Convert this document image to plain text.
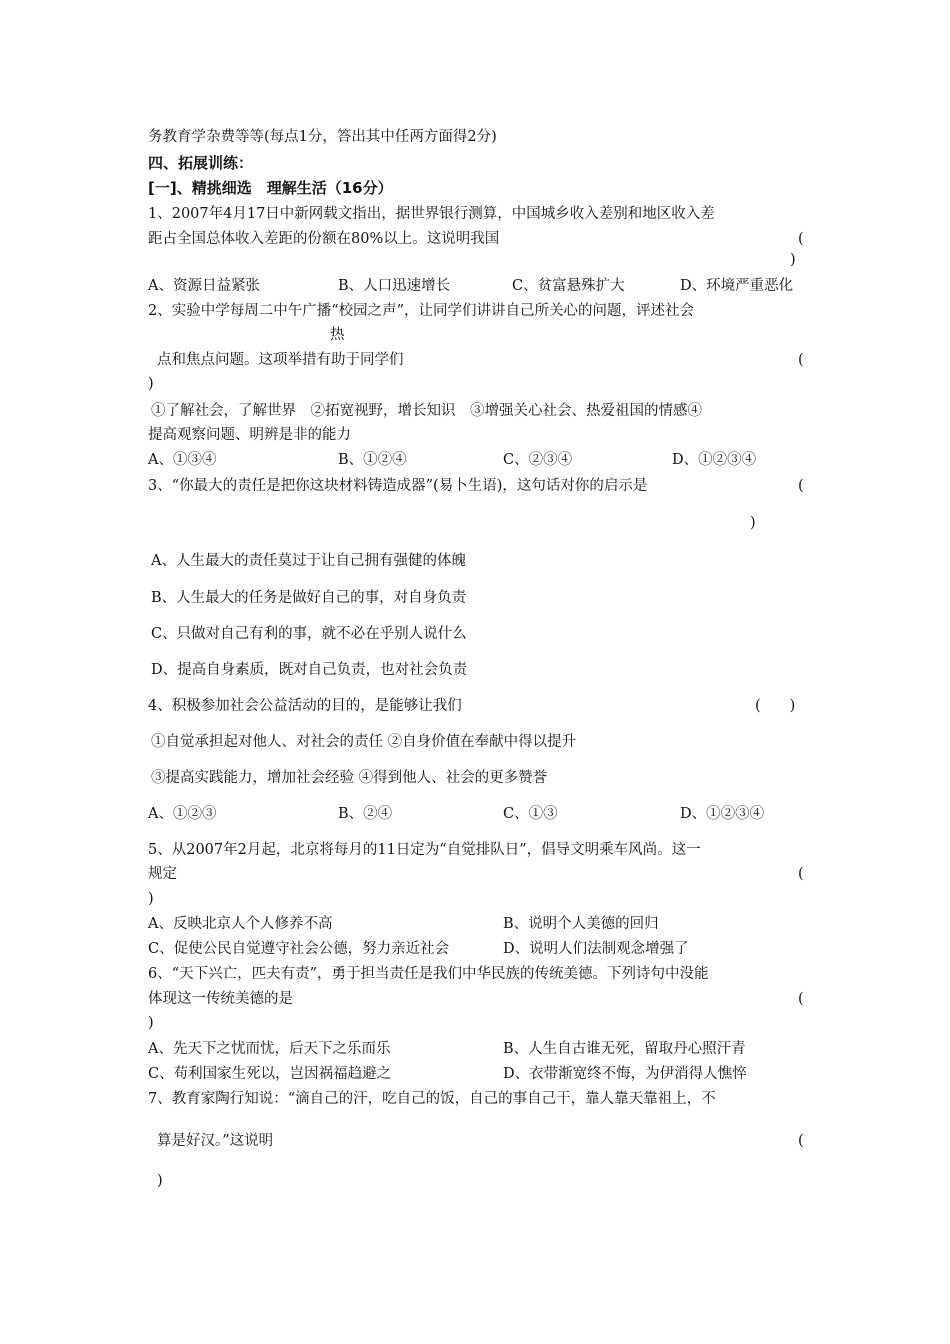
务教育学杂费等等(每点1分，答出其中任两方面得2分)
四、拓展训练：
[一]、精挑细选　理解生活（16分）
1、2007年4月17日中新网载文指出，据世界银行测算，中国城乡收入差别和地区收入差
距占全国总体收入差距的份额在80%以上。这说明我国	(
)
A、资源日益紧张	B、人口迅速增长	C、贫富悬殊扩大	D、环境严重恶化
2、实验中学每周二中午广播“校园之声”，让同学们讲讲自己所关心的问题，评述社会
热
点和焦点问题。这项举措有助于同学们	(
)
①了解社会，了解世界　②拓宽视野，增长知识　③增强关心社会、热爱祖国的情感④
提高观察问题、明辨是非的能力
A、①③④	B、①②④	C、②③④	D、①②③④
3、“你最大的责任是把你这块材料铸造成器”(易卜生语)，这句话对你的启示是	(
)
A、人生最大的责任莫过于让自己拥有强健的体魄
B、人生最大的任务是做好自己的事，对自身负责
C、只做对自己有利的事，就不必在乎别人说什么
D、提高自身素质，既对自己负责，也对社会负责
4、积极参加社会公益活动的目的，是能够让我们	(　　)
①自觉承担起对他人、对社会的责任 ②自身价值在奉献中得以提升
③提高实践能力，增加社会经验 ④得到他人、社会的更多赞誉
A、①②③	B、②④	C、①③	D、①②③④
5、从2007年2月起，北京将每月的11日定为“自觉排队日”，倡导文明乘车风尚。这一
规定	(
)
A、反映北京人个人修养不高	B、说明个人美德的回归
C、促使公民自觉遵守社会公德，努力亲近社会	D、说明人们法制观念增强了
6、“天下兴亡，匹夫有责”，勇于担当责任是我们中华民族的传统美德。下列诗句中没能
体现这一传统美德的是	(
)
A、先天下之忧而忧，后天下之乐而乐	B、人生自古谁无死，留取丹心照汗青
C、苟利国家生死以，岂因祸福趋避之	D、衣带渐宽终不悔，为伊消得人憔悴
7、教育家陶行知说：“滴自己的汗，吃自己的饭，自己的事自己干，靠人靠天靠祖上，不
算是好汉。”这说明	(
)
